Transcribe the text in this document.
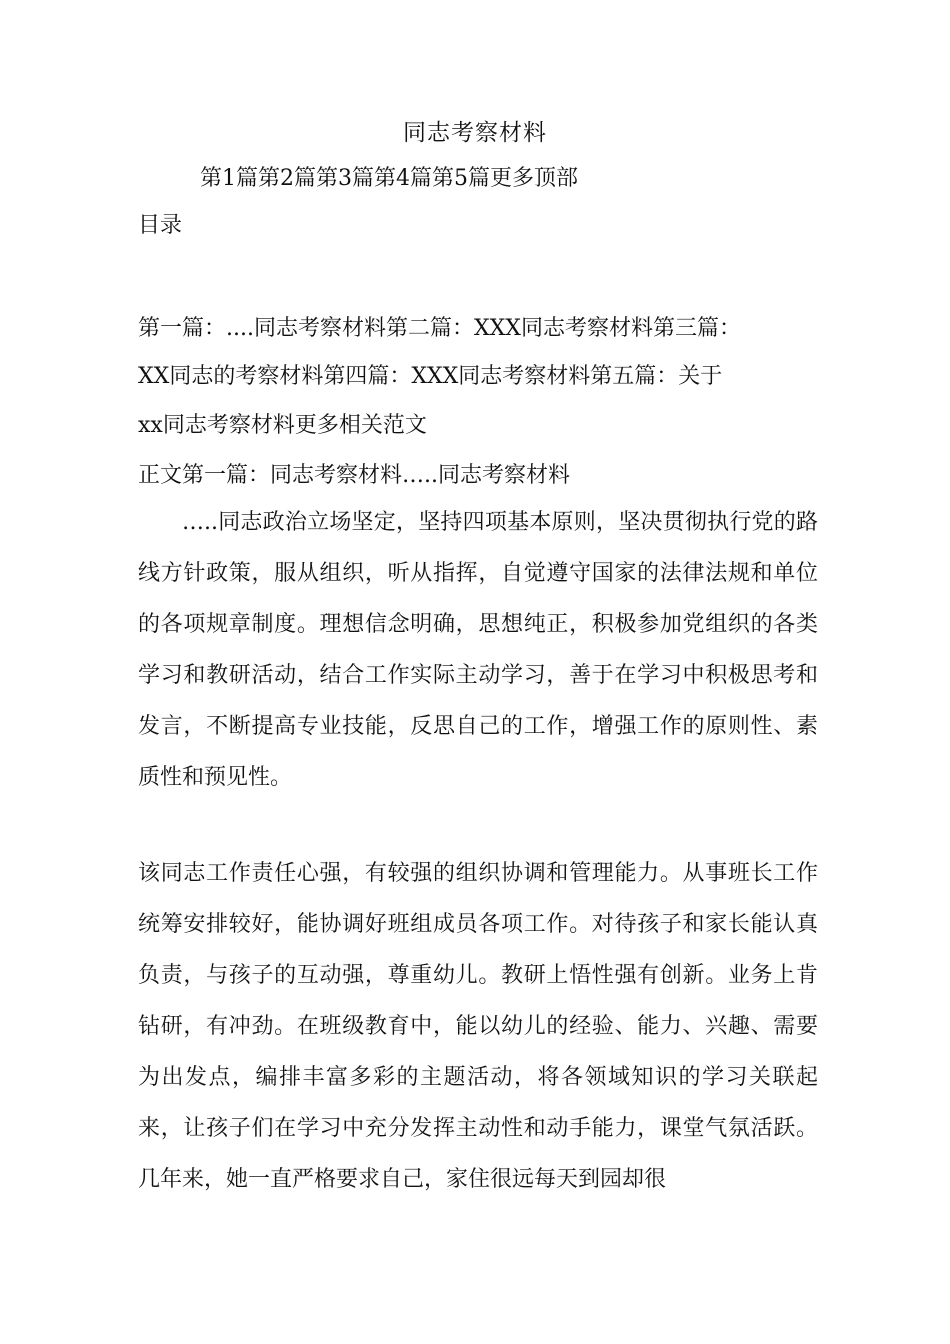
同志考察材料
第1篇第2篇第3篇第4篇第5篇更多顶部
目录
第一篇：....同志考察材料第二篇：XXX同志考察材料第三篇：
XX同志的考察材料第四篇：XXX同志考察材料第五篇：关于
xx同志考察材料更多相关范文
正文第一篇：同志考察材料…..同志考察材料
…..同志政治立场坚定，坚持四项基本原则，坚决贯彻执行党的路线方针政策，服从组织，听从指挥，自觉遵守国家的法律法规和单位的各项规章制度。理想信念明确，思想纯正，积极参加党组织的各类学习和教研活动，结合工作实际主动学习，善于在学习中积极思考和发言，不断提高专业技能，反思自己的工作，增强工作的原则性、素质性和预见性。
该同志工作责任心强，有较强的组织协调和管理能力。从事班长工作统筹安排较好，能协调好班组成员各项工作。对待孩子和家长能认真负责，与孩子的互动强，尊重幼儿。教研上悟性强有创新。业务上肯钻研，有冲劲。在班级教育中，能以幼儿的经验、能力、兴趣、需要为出发点，编排丰富多彩的主题活动，将各领域知识的学习关联起来，让孩子们在学习中充分发挥主动性和动手能力，课堂气氛活跃。几年来，她一直严格要求自己，家住很远每天到园却很
